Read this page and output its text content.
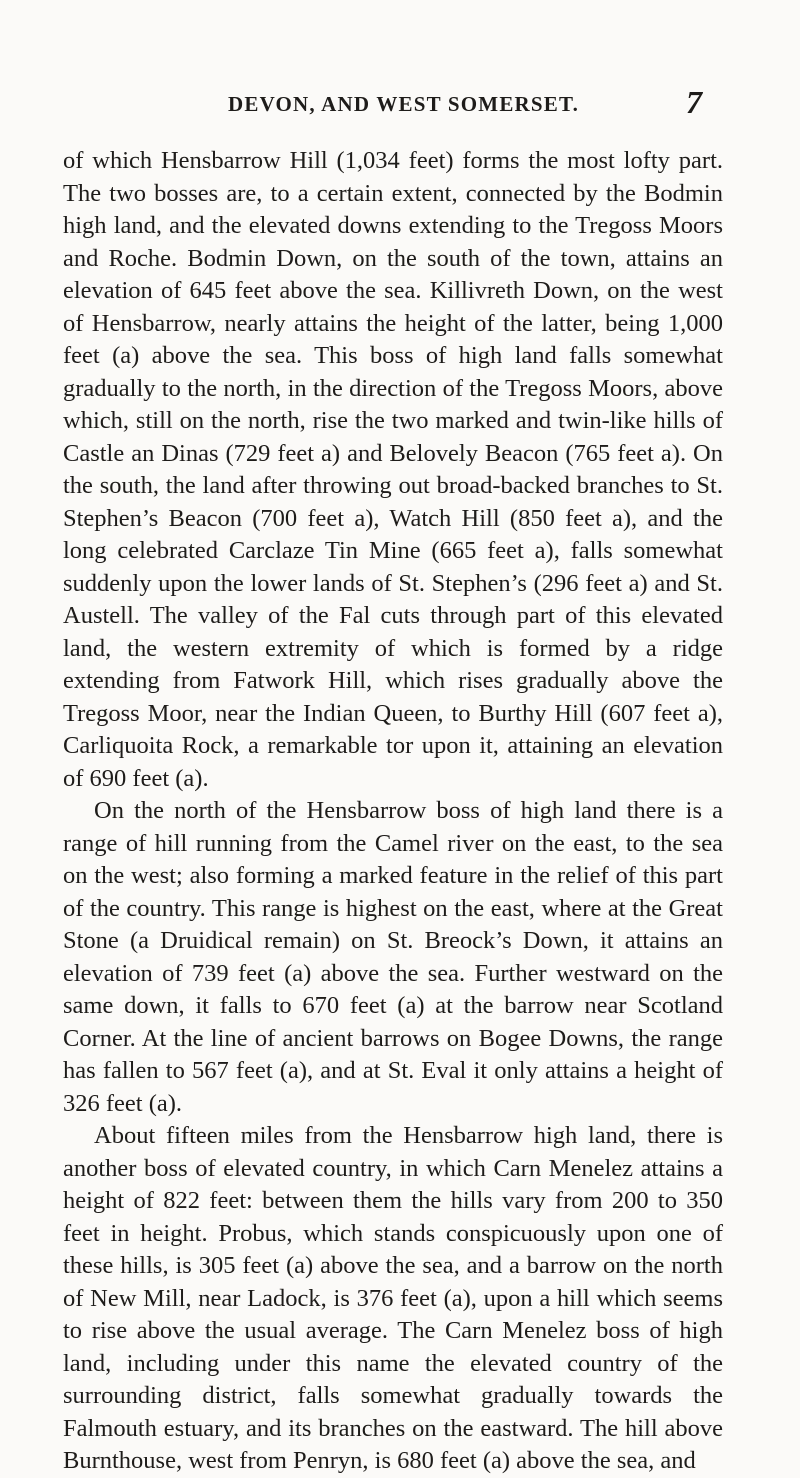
DEVON, AND WEST SOMERSET.	7

of which Hensbarrow Hill (1,034 feet) forms the most lofty part. The two bosses are, to a certain extent, connected by the Bodmin high land, and the elevated downs extending to the Tregoss Moors and Roche. Bodmin Down, on the south of the town, attains an elevation of 645 feet above the sea. Killivreth Down, on the west of Hensbarrow, nearly attains the height of the latter, being 1,000 feet (a) above the sea. This boss of high land falls somewhat gradually to the north, in the direction of the Tregoss Moors, above which, still on the north, rise the two marked and twin-like hills of Castle an Dinas (729 feet a) and Belovely Beacon (765 feet a). On the south, the land after throwing out broad-backed branches to St. Stephen’s Beacon (700 feet a), Watch Hill (850 feet a), and the long celebrated Carclaze Tin Mine (665 feet a), falls somewhat suddenly upon the lower lands of St. Stephen’s (296 feet a) and St. Austell. The valley of the Fal cuts through part of this elevated land, the western extremity of which is formed by a ridge extending from Fatwork Hill, which rises gradually above the Tregoss Moor, near the Indian Queen, to Burthy Hill (607 feet a), Carliquoita Rock, a remarkable tor upon it, attaining an elevation of 690 feet (a).

On the north of the Hensbarrow boss of high land there is a range of hill running from the Camel river on the east, to the sea on the west; also forming a marked feature in the relief of this part of the country. This range is highest on the east, where at the Great Stone (a Druidical remain) on St. Breock’s Down, it attains an elevation of 739 feet (a) above the sea. Further westward on the same down, it falls to 670 feet (a) at the barrow near Scotland Corner. At the line of ancient barrows on Bogee Downs, the range has fallen to 567 feet (a), and at St. Eval it only attains a height of 326 feet (a).

About fifteen miles from the Hensbarrow high land, there is another boss of elevated country, in which Carn Menelez attains a height of 822 feet: between them the hills vary from 200 to 350 feet in height. Probus, which stands conspicuously upon one of these hills, is 305 feet (a) above the sea, and a barrow on the north of New Mill, near Ladock, is 376 feet (a), upon a hill which seems to rise above the usual average. The Carn Menelez boss of high land, including under this name the elevated country of the surrounding district, falls somewhat gradually towards the Falmouth estuary, and its branches on the eastward. The hill above Burnthouse, west from Penryn, is 680 feet (a) above the sea, and
